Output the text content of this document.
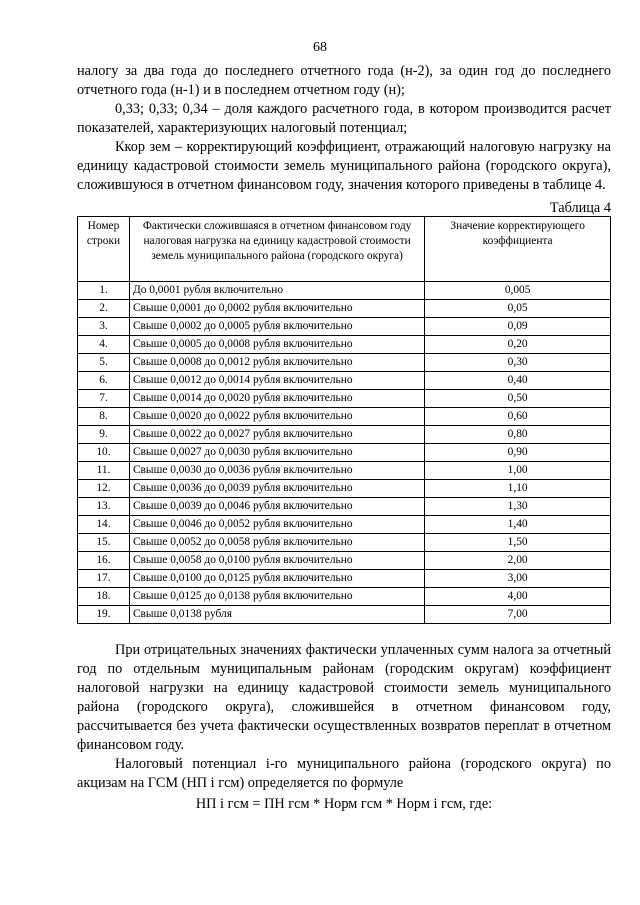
68

налогу за два года до последнего отчетного года (н-2), за один год до последнего отчетного года (н-1) и в последнем отчетном году (н);

0,33; 0,33; 0,34 – доля каждого расчетного года, в котором производится расчет показателей, характеризующих налоговый потенциал;

Ккор зем – корректирующий коэффициент, отражающий налоговую нагрузку на единицу кадастровой стоимости земель муниципального района (городского округа), сложившуюся в отчетном финансовом году, значения которого приведены в таблице 4.

Таблица 4
Номер строки	Фактически сложившаяся в отчетном финансовом году налоговая нагрузка на единицу кадастровой стоимости земель муниципального района (городского округа)	Значение корректирующего коэффициента
1.	До 0,0001 рубля включительно	0,005
2.	Свыше 0,0001 до 0,0002 рубля включительно	0,05
3.	Свыше 0,0002 до 0,0005 рубля включительно	0,09
4.	Свыше 0,0005 до 0,0008 рубля включительно	0,20
5.	Свыше 0,0008 до 0,0012 рубля включительно	0,30
6.	Свыше 0,0012 до 0,0014 рубля включительно	0,40
7.	Свыше 0,0014 до 0,0020 рубля включительно	0,50
8.	Свыше 0,0020 до 0,0022 рубля включительно	0,60
9.	Свыше 0,0022 до 0,0027 рубля включительно	0,80
10.	Свыше 0,0027 до 0,0030 рубля включительно	0,90
11.	Свыше 0,0030 до 0,0036 рубля включительно	1,00
12.	Свыше 0,0036 до 0,0039 рубля включительно	1,10
13.	Свыше 0,0039 до 0,0046 рубля включительно	1,30
14.	Свыше 0,0046 до 0,0052 рубля включительно	1,40
15.	Свыше 0,0052 до 0,0058 рубля включительно	1,50
16.	Свыше 0,0058 до 0,0100 рубля включительно	2,00
17.	Свыше 0,0100 до 0,0125 рубля включительно	3,00
18.	Свыше 0,0125 до 0,0138 рубля включительно	4,00
19.	Свыше 0,0138 рубля	7,00

При отрицательных значениях фактически уплаченных сумм налога за отчетный год по отдельным муниципальным районам (городским округам) коэффициент налоговой нагрузки на единицу кадастровой стоимости земель муниципального района (городского округа), сложившейся в отчетном финансовом году, рассчитывается без учета фактически осуществленных возвратов переплат в отчетном финансовом году.

Налоговый потенциал i-го муниципального района (городского округа) по акцизам на ГСМ (НП i гсм) определяется по формуле

НП i гсм = ПН гсм * Норм гсм * Норм i гсм, где:
